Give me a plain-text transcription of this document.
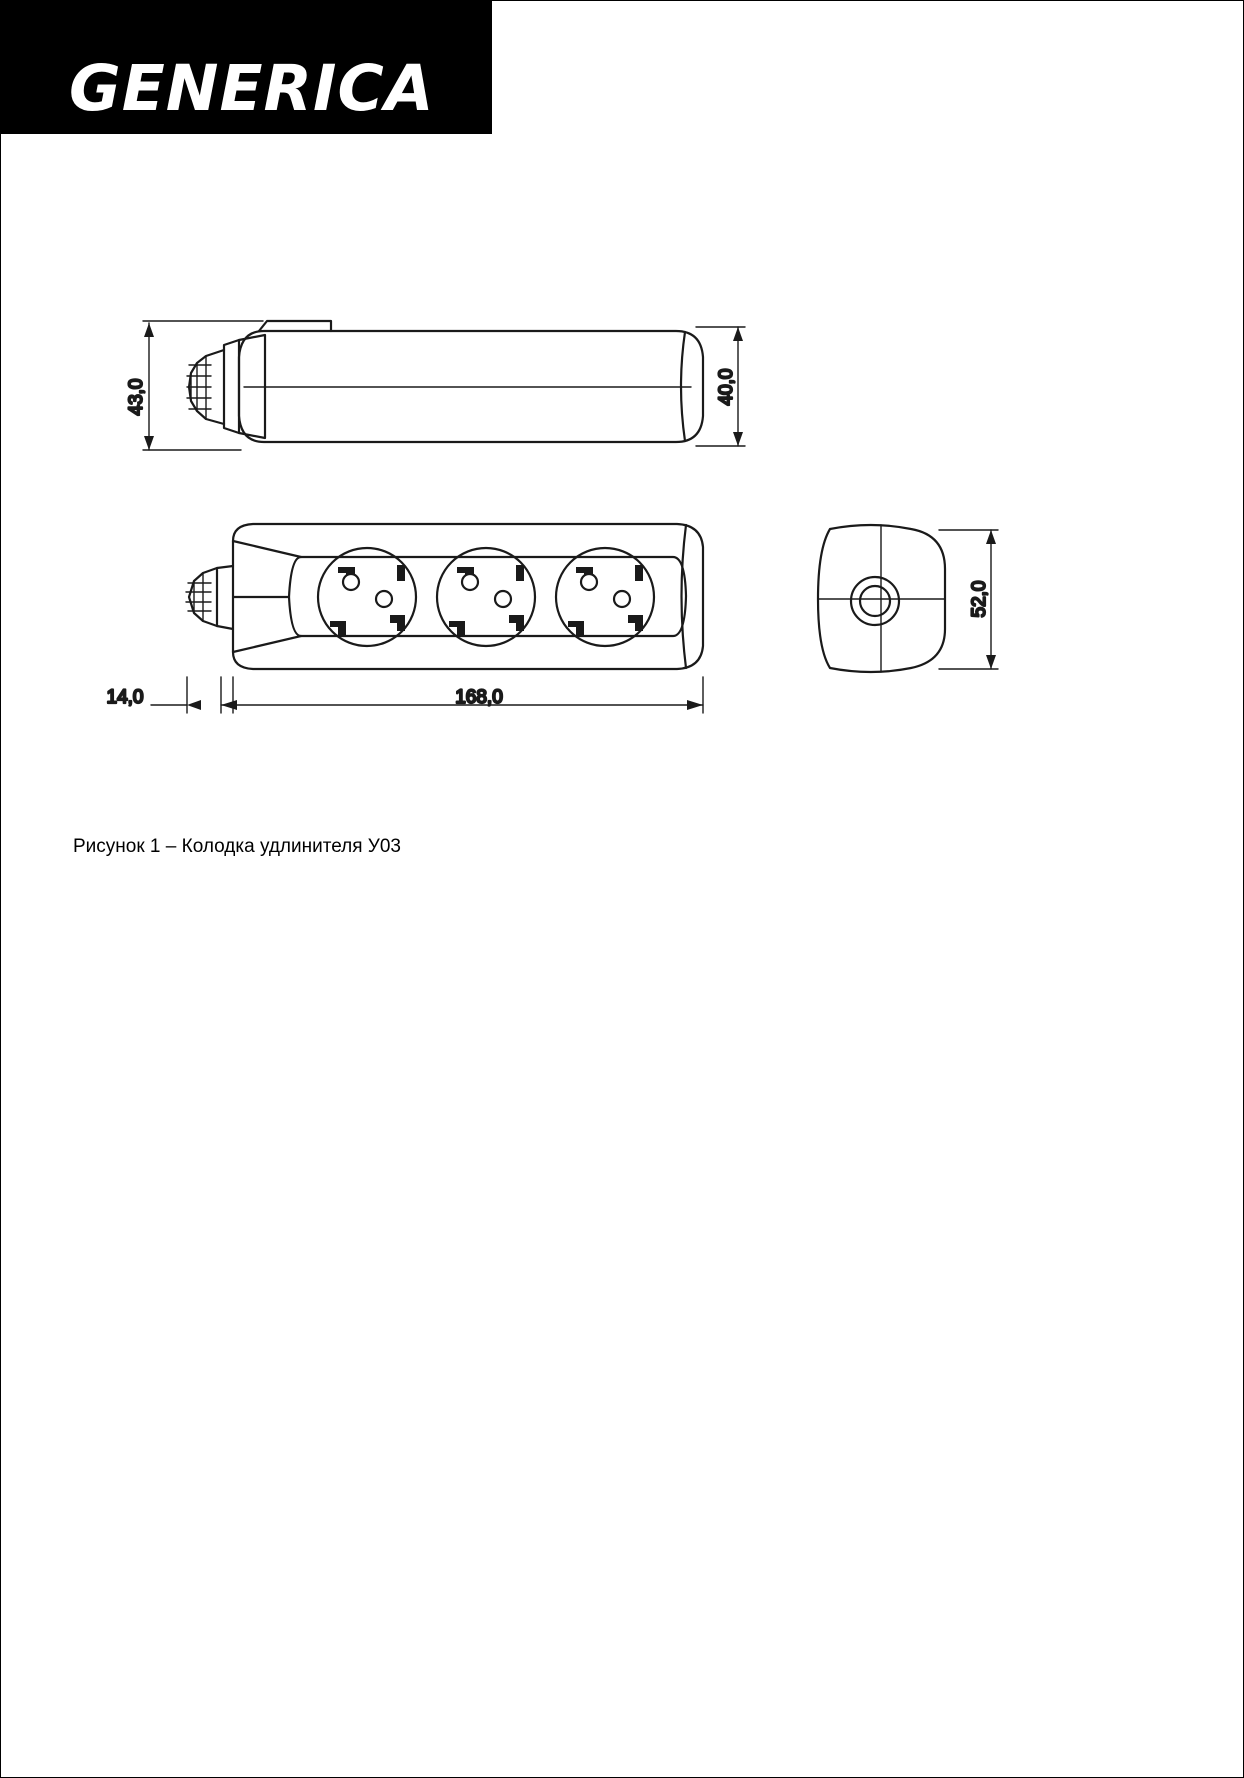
GENERICA
43,0	40,0
14,0	168,0
52,0
Рисунок 1 – Колодка удлинителя У03
